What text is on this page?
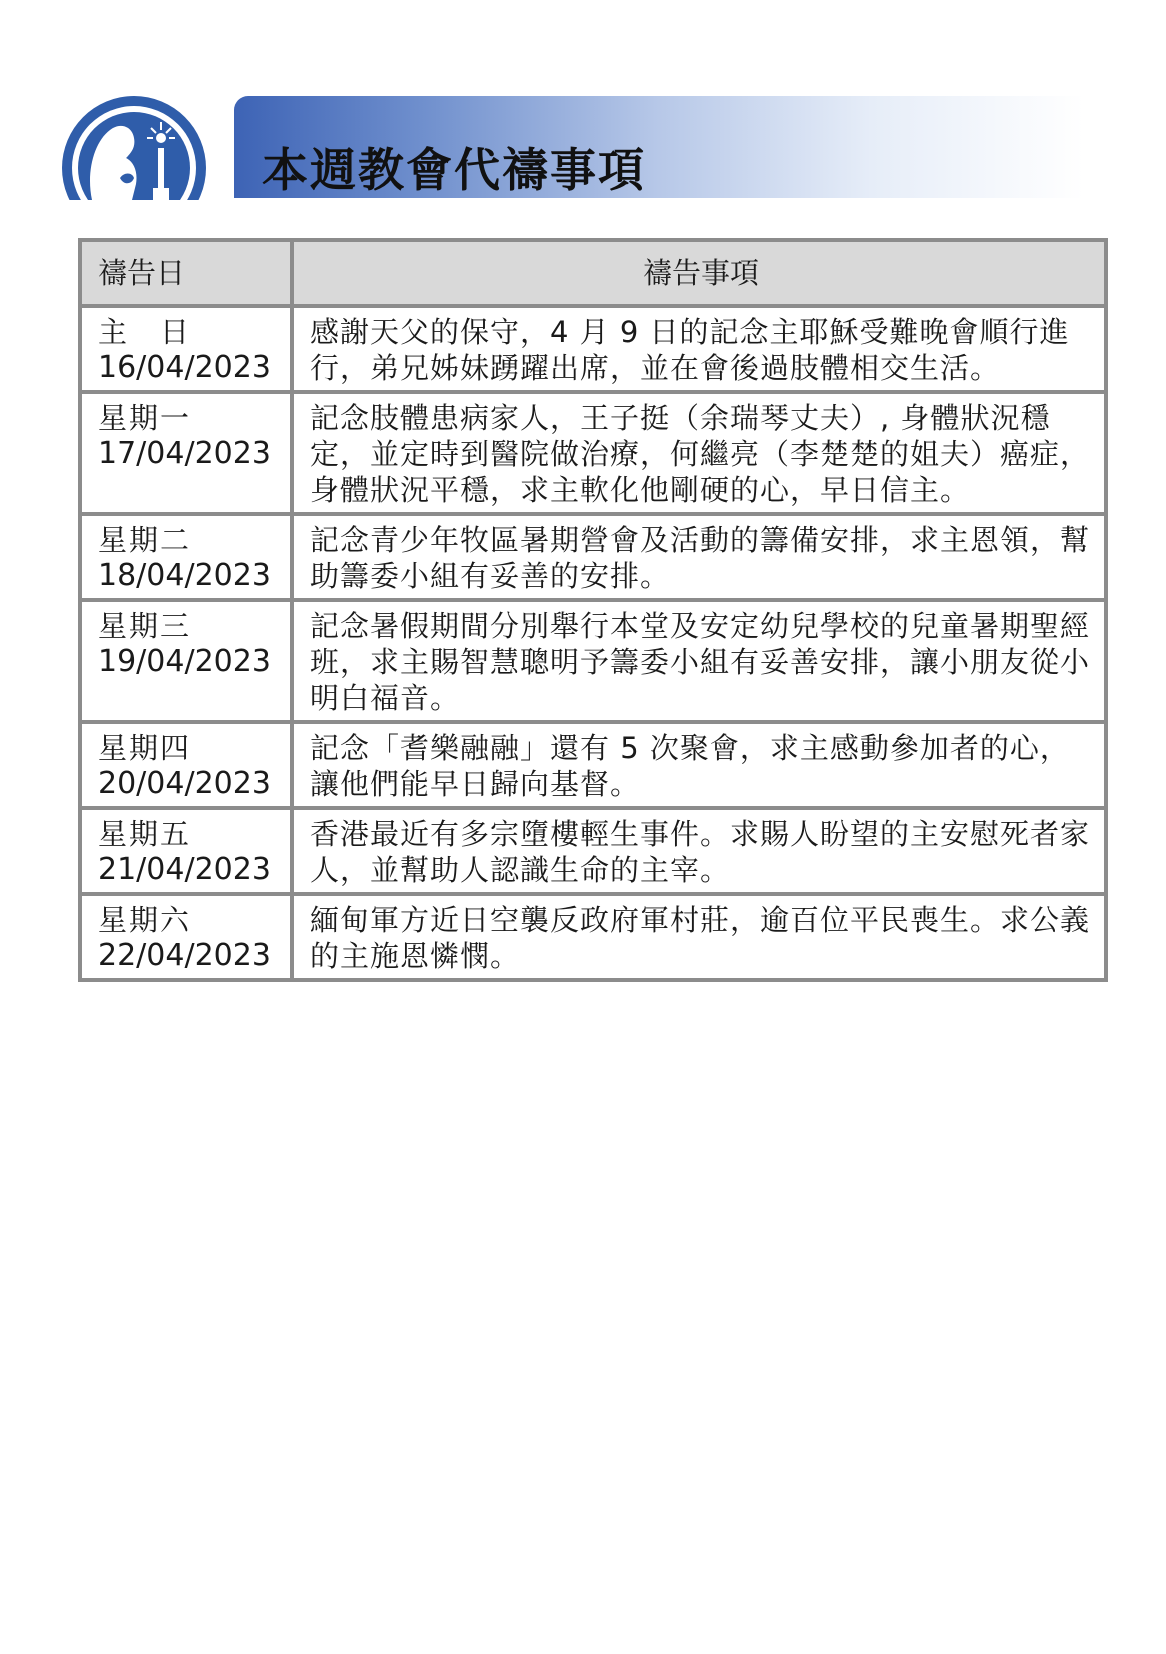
本週教會代禱事項
禱告日	禱告事項

主　日
16/04/2023	感謝天父的保守，4 月 9 日的記念主耶穌受難晚會順行進行，弟兄姊妹踴躍出席，並在會後過肢體相交生活。

星期一
17/04/2023	記念肢體患病家人，王子挺（余瑞琴丈夫）, 身體狀況穩定，並定時到醫院做治療，何繼亮（李楚楚的姐夫）癌症，身體狀況平穩，求主軟化他剛硬的心，早日信主。

星期二
18/04/2023	記念青少年牧區暑期營會及活動的籌備安排，求主恩領，幫助籌委小組有妥善的安排。

星期三
19/04/2023	記念暑假期間分別舉行本堂及安定幼兒學校的兒童暑期聖經班，求主賜智慧聰明予籌委小組有妥善安排，讓小朋友從小明白福音。

星期四
20/04/2023	記念「耆樂融融」還有 5 次聚會，求主感動參加者的心，讓他們能早日歸向基督。

星期五
21/04/2023	香港最近有多宗墮樓輕生事件。求賜人盼望的主安慰死者家人，並幫助人認識生命的主宰。

星期六
22/04/2023	緬甸軍方近日空襲反政府軍村莊，逾百位平民喪生。求公義的主施恩憐憫。
